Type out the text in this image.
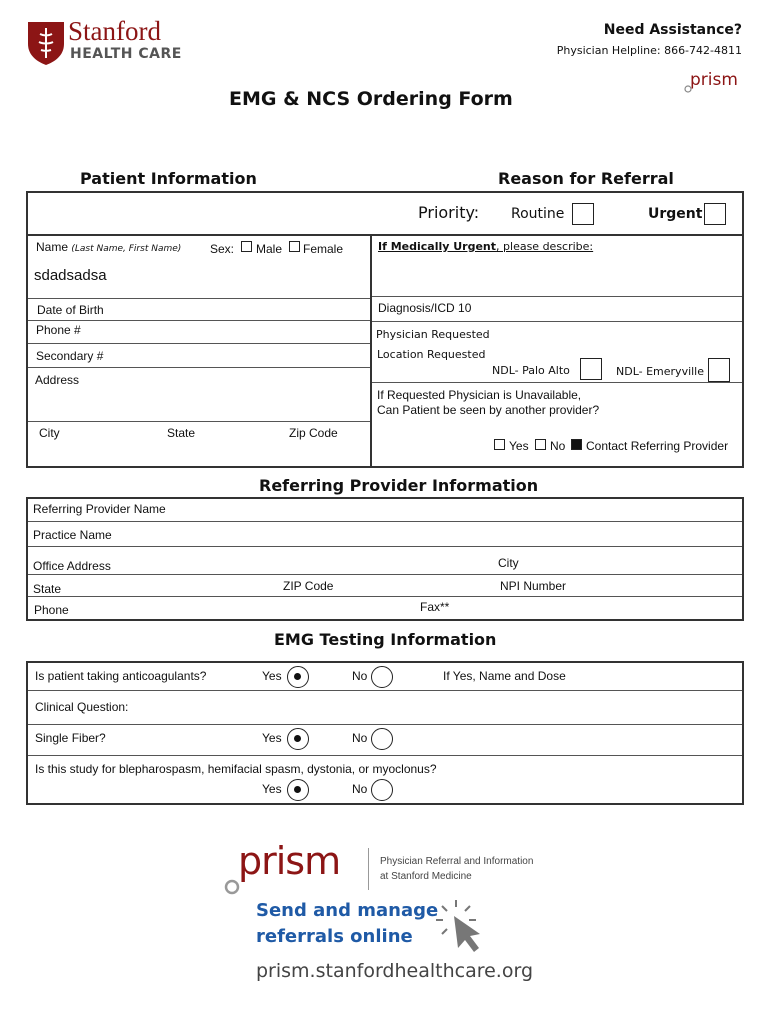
Stanford
HEALTH CARE
Need Assistance?
Physician Helpline: 866-742-4811
prism
EMG & NCS Ordering Form
Patient Information	Reason for Referral
Priority: Routine	Urgent
Name (Last Name, First Name) Sex: Male Female
sdadsadsa
Date of Birth
Phone #
Secondary #
Address
City	State	Zip Code
If Medically Urgent, please describe:
Diagnosis/ICD 10
Physician Requested
Location Requested
NDL- Palo Alto	NDL- Emeryville
If Requested Physician is Unavailable,
Can Patient be seen by another provider?
Yes No Contact Referring Provider
Referring Provider Information
Referring Provider Name
Practice Name
Office Address	City
State	ZIP Code	NPI Number
Phone	Fax**
EMG Testing Information
Is patient taking anticoagulants?	Yes	No	If Yes, Name and Dose
Clinical Question:
Single Fiber?	Yes	No
Is this study for blepharospasm, hemifacial spasm, dystonia, or myoclonus?
Yes	No
prism	Physician Referral and Information
at Stanford Medicine
Send and manage
referrals online
prism.stanfordhealthcare.org
